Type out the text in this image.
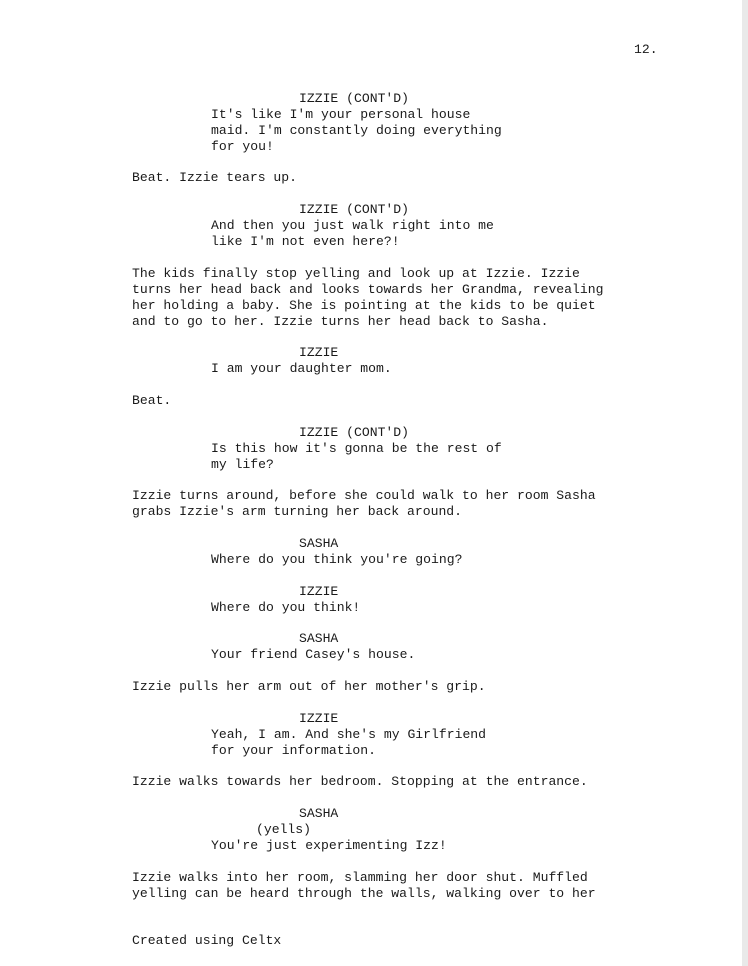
12.

IZZIE (CONT'D)

It's like I'm your personal house

maid. I'm constantly doing everything

for you!

Beat. Izzie tears up.

IZZIE (CONT'D)

And then you just walk right into me

like I'm not even here?!

The kids finally stop yelling and look up at Izzie. Izzie

turns her head back and looks towards her Grandma, revealing

her holding a baby. She is pointing at the kids to be quiet

and to go to her. Izzie turns her head back to Sasha.

IZZIE

I am your daughter mom.

Beat.

IZZIE (CONT'D)

Is this how it's gonna be the rest of

my life?

Izzie turns around, before she could walk to her room Sasha

grabs Izzie's arm turning her back around.

SASHA

Where do you think you're going?

IZZIE

Where do you think!

SASHA

Your friend Casey's house.

Izzie pulls her arm out of her mother's grip.

IZZIE

Yeah, I am. And she's my Girlfriend

for your information.

Izzie walks towards her bedroom. Stopping at the entrance.

SASHA

(yells)

You're just experimenting Izz!

Izzie walks into her room, slamming her door shut. Muffled

yelling can be heard through the walls, walking over to her

Created using Celtx
